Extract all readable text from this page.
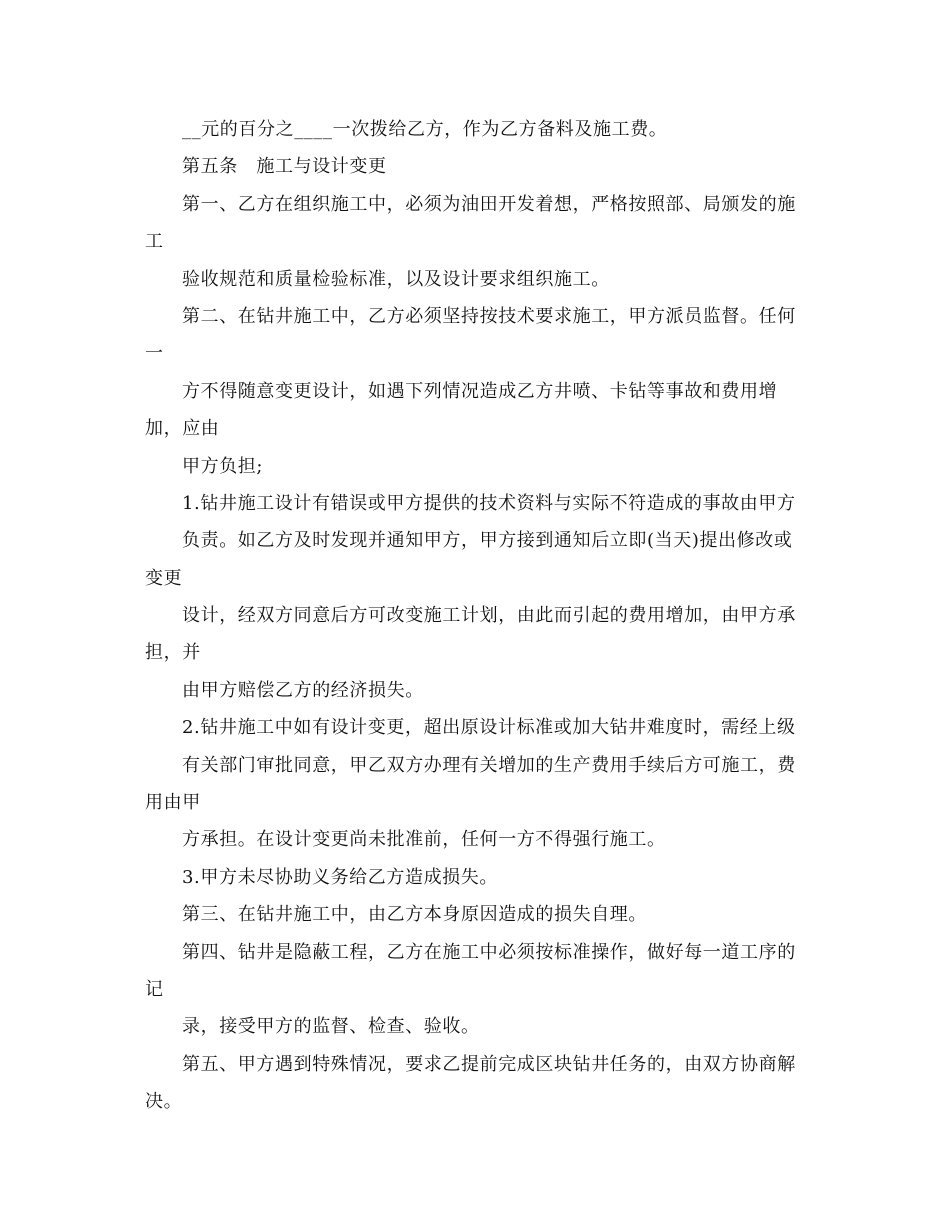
__元的百分之____一次拨给乙方，作为乙方备料及施工费。
第五条　施工与设计变更
第一、乙方在组织施工中，必须为油田开发着想，严格按照部、局颁发的施
工
验收规范和质量检验标准，以及设计要求组织施工。
第二、在钻井施工中，乙方必须坚持按技术要求施工，甲方派员监督。任何
一
方不得随意变更设计，如遇下列情况造成乙方井喷、卡钻等事故和费用增
加，应由
甲方负担;
1.钻井施工设计有错误或甲方提供的技术资料与实际不符造成的事故由甲方
负责。如乙方及时发现并通知甲方，甲方接到通知后立即(当天)提出修改或
变更
设计，经双方同意后方可改变施工计划，由此而引起的费用增加，由甲方承
担，并
由甲方赔偿乙方的经济损失。
2.钻井施工中如有设计变更，超出原设计标准或加大钻井难度时，需经上级
有关部门审批同意，甲乙双方办理有关增加的生产费用手续后方可施工，费
用由甲
方承担。在设计变更尚未批准前，任何一方不得强行施工。
3.甲方未尽协助义务给乙方造成损失。
第三、在钻井施工中，由乙方本身原因造成的损失自理。
第四、钻井是隐蔽工程，乙方在施工中必须按标准操作，做好每一道工序的
记
录，接受甲方的监督、检查、验收。
第五、甲方遇到特殊情况，要求乙提前完成区块钻井任务的，由双方协商解
决。
